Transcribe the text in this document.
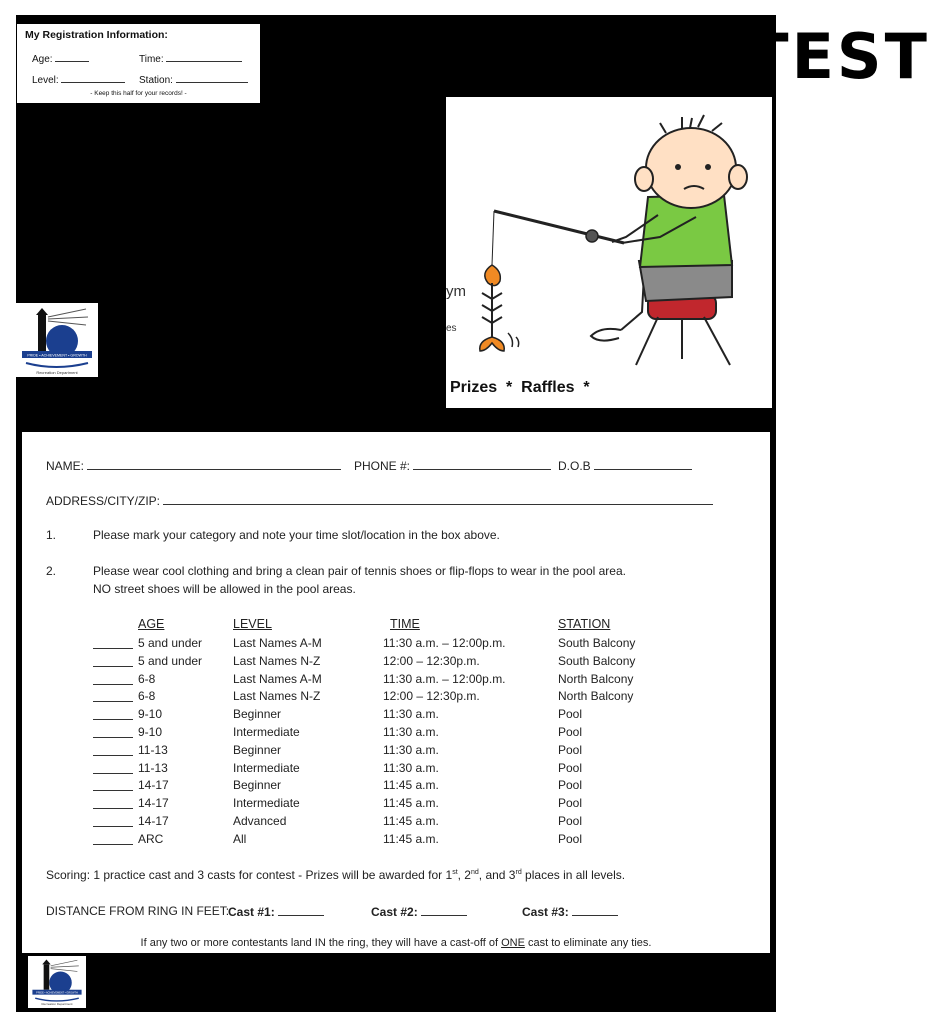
My Registration Information:
Age:	Time:
Level:	Station:
- Keep this half for your records! -
NO CONTEST
ym
es
Prizes  *  Raffles  *
PRIDE • ACHIEVEMENT • GROWTH
Recreation Department
NAME:	PHONE #:	D.O.B
ADDRESS/CITY/ZIP:
1.	Please mark your category and note your time slot/location in the box above.
2.	Please wear cool clothing and bring a clean pair of tennis shoes or flip-flops to wear in the pool area.
NO street shoes will be allowed in the pool areas.
AGE	LEVEL	TIME	STATION
5 and under	Last Names A-M	11:30 a.m. – 12:00p.m.	South Balcony
5 and under	Last Names N-Z	12:00 – 12:30p.m.	South Balcony
6-8	Last Names A-M	11:30 a.m. – 12:00p.m.	North Balcony
6-8	Last Names N-Z	12:00 – 12:30p.m.	North Balcony
9-10	Beginner	11:30 a.m.	Pool
9-10	Intermediate	11:30 a.m.	Pool
11-13	Beginner	11:30 a.m.	Pool
11-13	Intermediate	11:30 a.m.	Pool
14-17	Beginner	11:45 a.m.	Pool
14-17	Intermediate	11:45 a.m.	Pool
14-17	Advanced	11:45 a.m.	Pool
ARC	All	11:45 a.m.	Pool
Scoring: 1 practice cast and 3 casts for contest - Prizes will be awarded for 1st, 2nd, and 3rd places in all levels.
DISTANCE FROM RING IN FEET:
Cast #1:	Cast #2:	Cast #3:
If any two or more contestants land IN the ring, they will have a cast-off of ONE cast to eliminate any ties.
PRIDE • ACHIEVEMENT • GROWTH
Recreation Department
